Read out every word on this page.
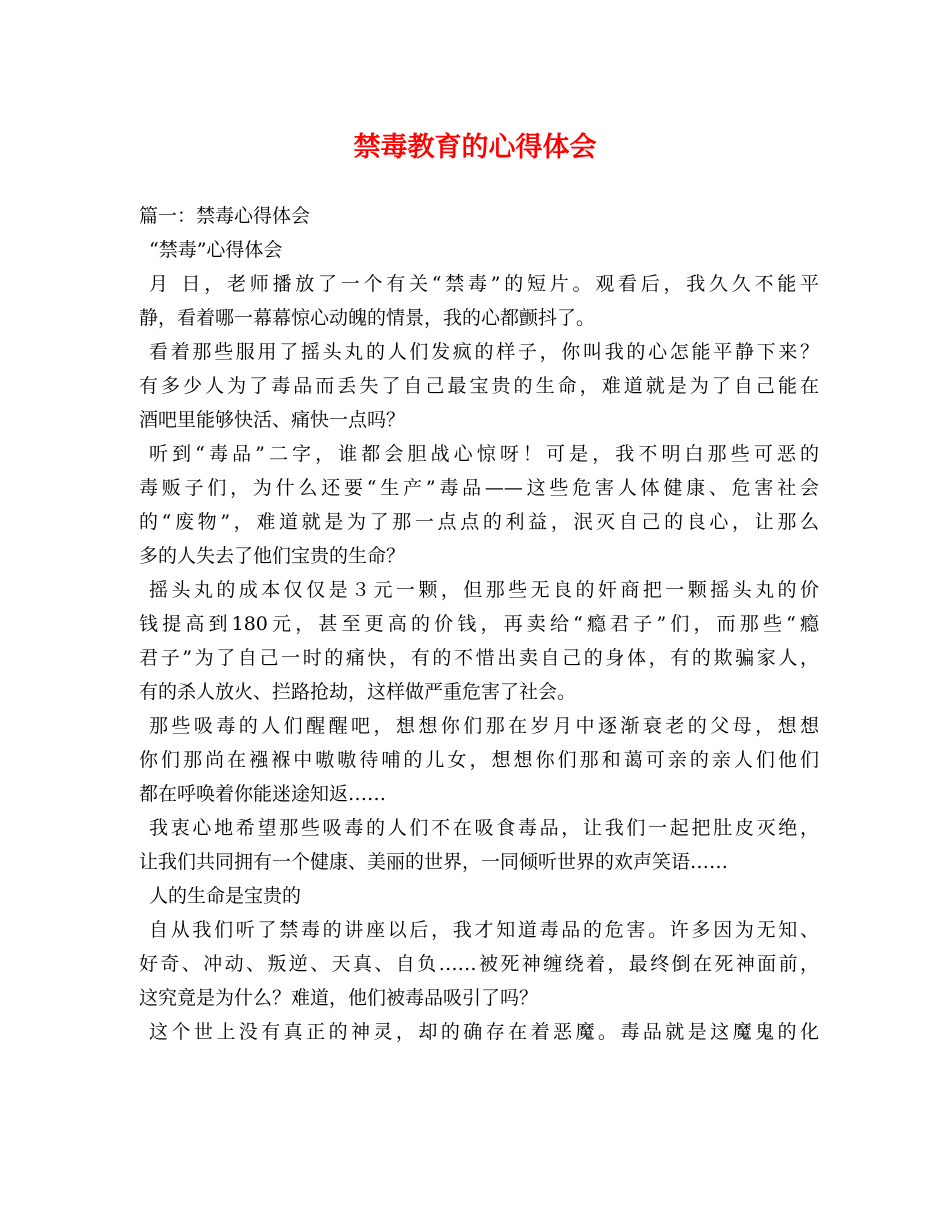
禁毒教育的心得体会
篇一：禁毒心得体会
“禁毒”心得体会
月 日，老师播放了一个有关“禁毒”的短片。观看后，我久久不能平
静，看着哪一幕幕惊心动魄的情景，我的心都颤抖了。
看着那些服用了摇头丸的人们发疯的样子，你叫我的心怎能平静下来？
有多少人为了毒品而丢失了自己最宝贵的生命，难道就是为了自己能在
酒吧里能够快活、痛快一点吗？
听到“毒品”二字，谁都会胆战心惊呀！可是，我不明白那些可恶的
毒贩子们，为什么还要“生产”毒品——这些危害人体健康、危害社会
的“废物”，难道就是为了那一点点的利益，泯灭自己的良心，让那么
多的人失去了他们宝贵的生命？
摇头丸的成本仅仅是３元一颗，但那些无良的奸商把一颗摇头丸的价
钱提高到180元，甚至更高的价钱，再卖给“瘾君子”们，而那些“瘾
君子”为了自己一时的痛快，有的不惜出卖自己的身体，有的欺骗家人，
有的杀人放火、拦路抢劫，这样做严重危害了社会。
那些吸毒的人们醒醒吧，想想你们那在岁月中逐渐衰老的父母，想想
你们那尚在襁褓中嗷嗷待哺的儿女，想想你们那和蔼可亲的亲人们他们
都在呼唤着你能迷途知返……
我衷心地希望那些吸毒的人们不在吸食毒品，让我们一起把肚皮灭绝，
让我们共同拥有一个健康、美丽的世界，一同倾听世界的欢声笑语……
人的生命是宝贵的
自从我们听了禁毒的讲座以后，我才知道毒品的危害。许多因为无知、
好奇、冲动、叛逆、天真、自负……被死神缠绕着，最终倒在死神面前，
这究竟是为什么？难道，他们被毒品吸引了吗？
这个世上没有真正的神灵，却的确存在着恶魔。毒品就是这魔鬼的化
